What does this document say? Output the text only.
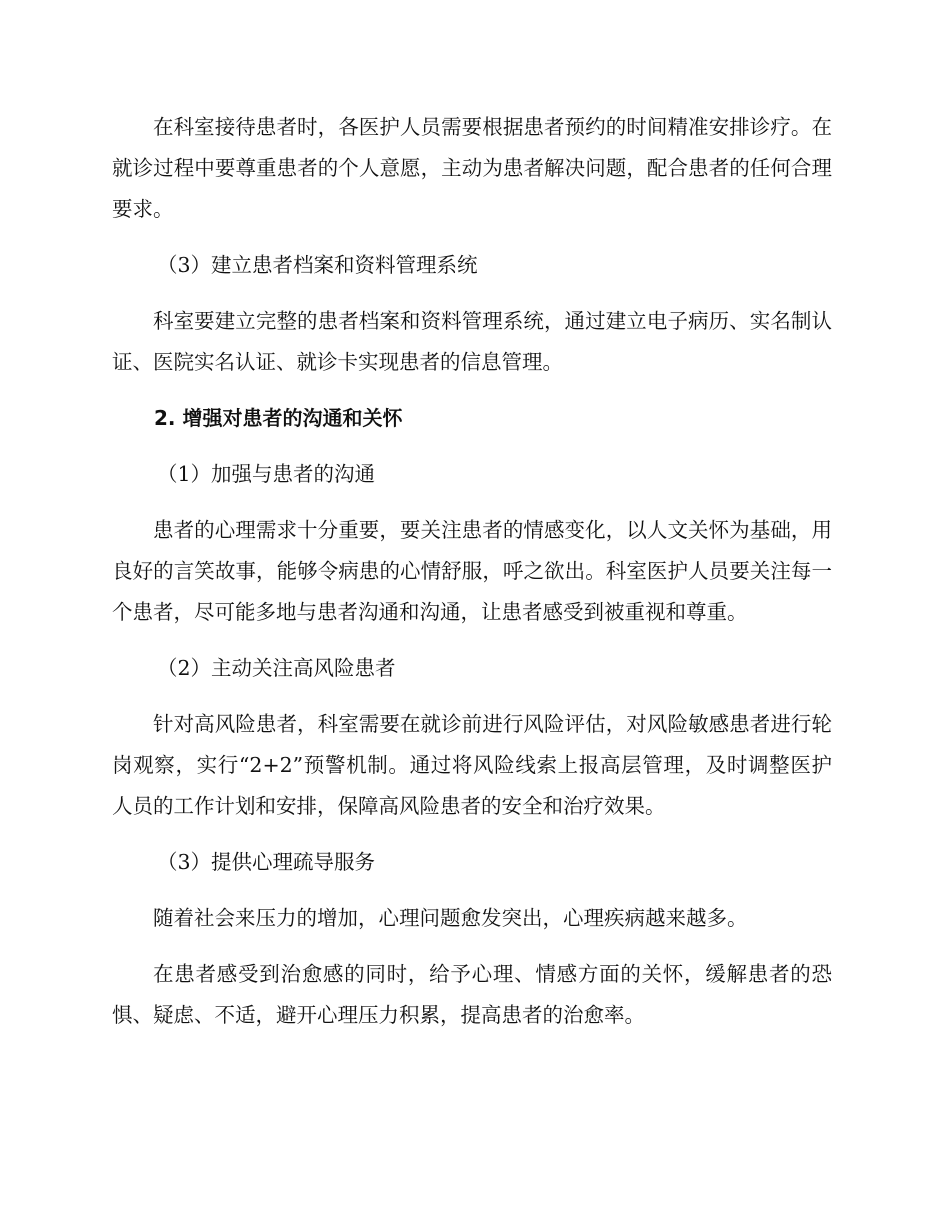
在科室接待患者时，各医护人员需要根据患者预约的时间精准安排诊疗。在就诊过程中要尊重患者的个人意愿，主动为患者解决问题，配合患者的任何合理要求。

（3）建立患者档案和资料管理系统

科室要建立完整的患者档案和资料管理系统，通过建立电子病历、实名制认证、医院实名认证、就诊卡实现患者的信息管理。

2. 增强对患者的沟通和关怀

（1）加强与患者的沟通

患者的心理需求十分重要，要关注患者的情感变化，以人文关怀为基础，用良好的言笑故事，能够令病患的心情舒服，呼之欲出。科室医护人员要关注每一个患者，尽可能多地与患者沟通和沟通，让患者感受到被重视和尊重。

（2）主动关注高风险患者

针对高风险患者，科室需要在就诊前进行风险评估，对风险敏感患者进行轮岗观察，实行“2+2”预警机制。通过将风险线索上报高层管理，及时调整医护人员的工作计划和安排，保障高风险患者的安全和治疗效果。

（3）提供心理疏导服务

随着社会来压力的增加，心理问题愈发突出，心理疾病越来越多。

在患者感受到治愈感的同时，给予心理、情感方面的关怀，缓解患者的恐惧、疑虑、不适，避开心理压力积累，提高患者的治愈率。
